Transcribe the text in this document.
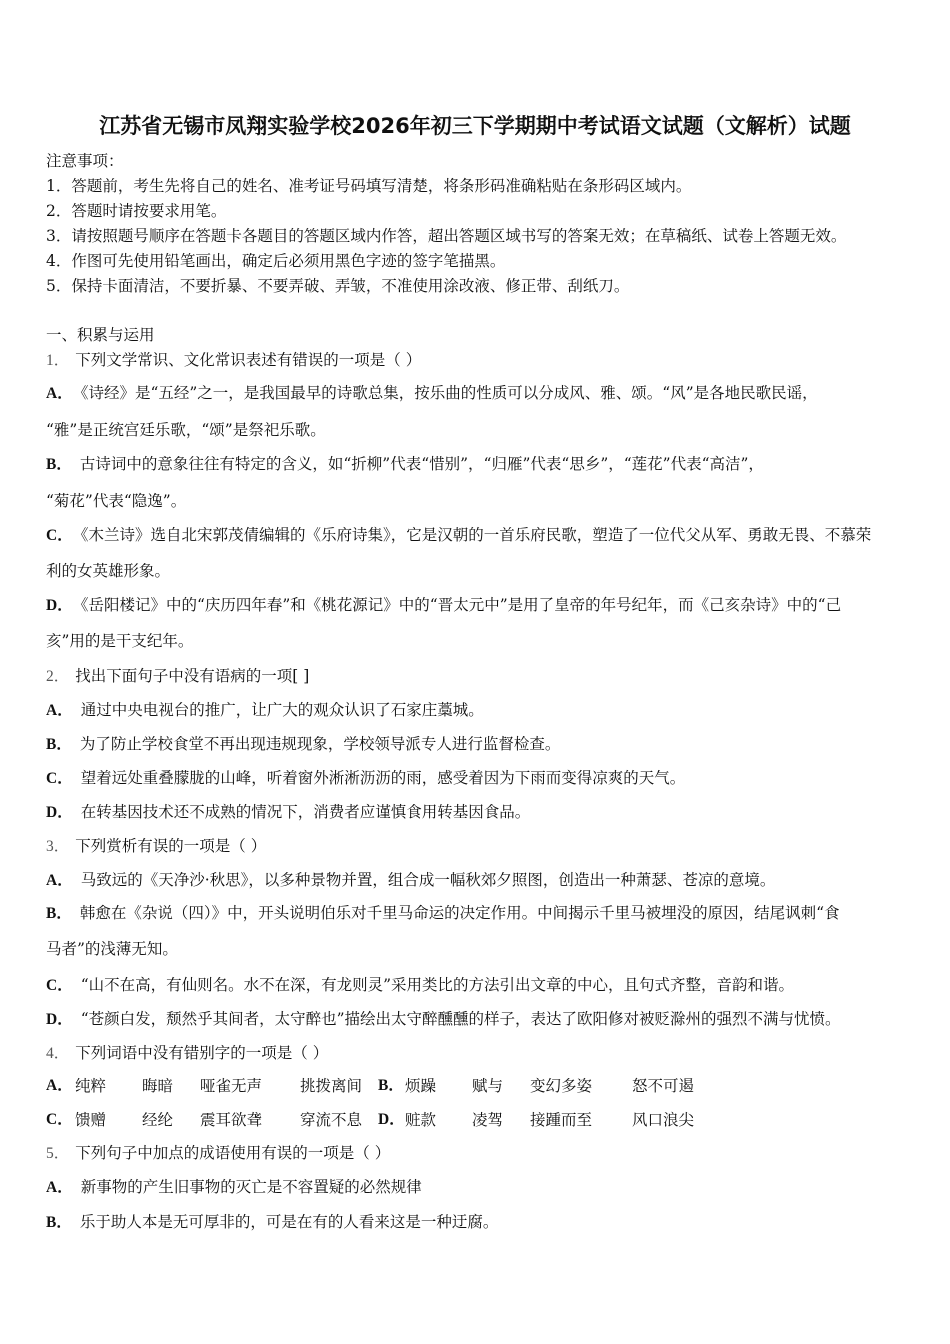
江苏省无锡市凤翔实验学校2026年初三下学期期中考试语文试题（文解析）试题
注意事项：
1．答题前，考生先将自己的姓名、准考证号码填写清楚，将条形码准确粘贴在条形码区域内。
2．答题时请按要求用笔。
3．请按照题号顺序在答题卡各题目的答题区域内作答，超出答题区域书写的答案无效；在草稿纸、试卷上答题无效。
4．作图可先使用铅笔画出，确定后必须用黑色字迹的签字笔描黑。
5．保持卡面清洁，不要折暴、不要弄破、弄皱，不准使用涂改液、修正带、刮纸刀。
一、积累与运用
1． 下列文学常识、文化常识表述有错误的一项是（ ）
A． 《诗经》是“五经”之一，是我国最早的诗歌总集，按乐曲的性质可以分成风、雅、颂。“风”是各地民歌民谣，
“雅”是正统宫廷乐歌，“颂”是祭祀乐歌。
B． 古诗词中的意象往往有特定的含义，如“折柳”代表“惜别”，“归雁”代表“思乡”，“莲花”代表“高洁”，
“菊花”代表“隐逸”。
C． 《木兰诗》选自北宋郭茂倩编辑的《乐府诗集》，它是汉朝的一首乐府民歌，塑造了一位代父从军、勇敢无畏、不慕荣
利的女英雄形象。
D． 《岳阳楼记》中的“庆历四年春”和《桃花源记》中的“晋太元中”是用了皇帝的年号纪年，而《己亥杂诗》中的“己
亥”用的是干支纪年。
2． 找出下面句子中没有语病的一项[ ]
A． 通过中央电视台的推广，让广大的观众认识了石家庄藁城。
B． 为了防止学校食堂不再出现违规现象，学校领导派专人进行监督检查。
C． 望着远处重叠朦胧的山峰，听着窗外淅淅沥沥的雨，感受着因为下雨而变得凉爽的天气。
D． 在转基因技术还不成熟的情况下，消费者应谨慎食用转基因食品。
3． 下列赏析有误的一项是（ ）
A． 马致远的《天净沙·秋思》，以多种景物并置，组合成一幅秋郊夕照图，创造出一种萧瑟、苍凉的意境。
B． 韩愈在《杂说（四）》中，开头说明伯乐对千里马命运的决定作用。中间揭示千里马被埋没的原因，结尾讽刺“食
马者”的浅薄无知。
C． “山不在高，有仙则名。水不在深，有龙则灵”采用类比的方法引出文章的中心，且句式齐整，音韵和谐。
D． “苍颜白发，颓然乎其间者，太守醉也”描绘出太守醉醺醺的样子，表达了欧阳修对被贬滁州的强烈不满与忧愤。
4． 下列词语中没有错别字的一项是（ ）
A． 纯粹 晦暗 哑雀无声 挑拨离间 B． 烦躁 赋与 变幻多姿	怒不可遏
C． 馈赠 经纶 震耳欲聋 穿流不息 D． 赃款 凌驾 接踵而至	风口浪尖
5． 下列句子中加点的成语使用有误的一项是（ ）
A． 新事物的产生旧事物的灭亡是不容置疑的必然规律
B． 乐于助人本是无可厚非的，可是在有的人看来这是一种迂腐。
